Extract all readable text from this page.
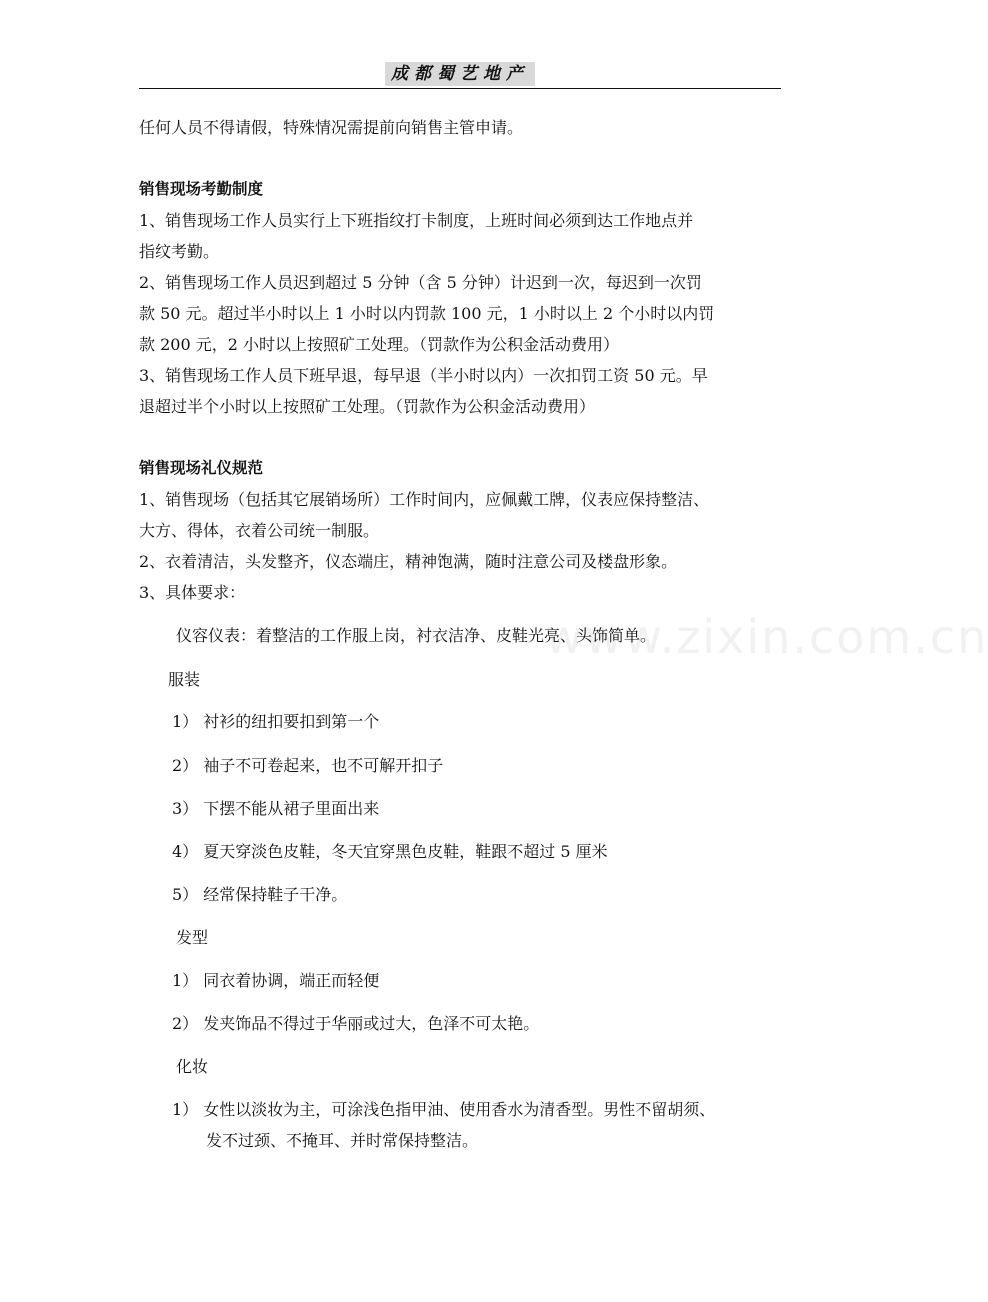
成都蜀艺地产
www.zixin.com.cn

任何人员不得请假，特殊情况需提前向销售主管申请。

销售现场考勤制度

1、销售现场工作人员实行上下班指纹打卡制度，上班时间必须到达工作地点并

指纹考勤。

2、销售现场工作人员迟到超过 5 分钟（含 5 分钟）计迟到一次，每迟到一次罚

款 50 元。超过半小时以上 1 小时以内罚款 100 元，1 小时以上 2 个小时以内罚

款 200 元，2 小时以上按照矿工处理。（罚款作为公积金活动费用）

3、销售现场工作人员下班早退，每早退（半小时以内）一次扣罚工资 50 元。早

退超过半个小时以上按照矿工处理。（罚款作为公积金活动费用）

销售现场礼仪规范

1、销售现场（包括其它展销场所）工作时间内，应佩戴工牌，仪表应保持整洁、

大方、得体，衣着公司统一制服。

2、衣着清洁，头发整齐，仪态端庄，精神饱满，随时注意公司及楼盘形象。

3、具体要求：

仪容仪表：着整洁的工作服上岗，衬衣洁净、皮鞋光亮、头饰简单。
服装
1） 衬衫的纽扣要扣到第一个
2） 袖子不可卷起来，也不可解开扣子
3） 下摆不能从裙子里面出来
4） 夏天穿淡色皮鞋，冬天宜穿黑色皮鞋，鞋跟不超过 5 厘米
5） 经常保持鞋子干净。
发型
1） 同衣着协调，端正而轻便
2） 发夹饰品不得过于华丽或过大，色泽不可太艳。
化妆
1） 女性以淡妆为主，可涂浅色指甲油、使用香水为清香型。男性不留胡须、
发不过颈、不掩耳、并时常保持整洁。
